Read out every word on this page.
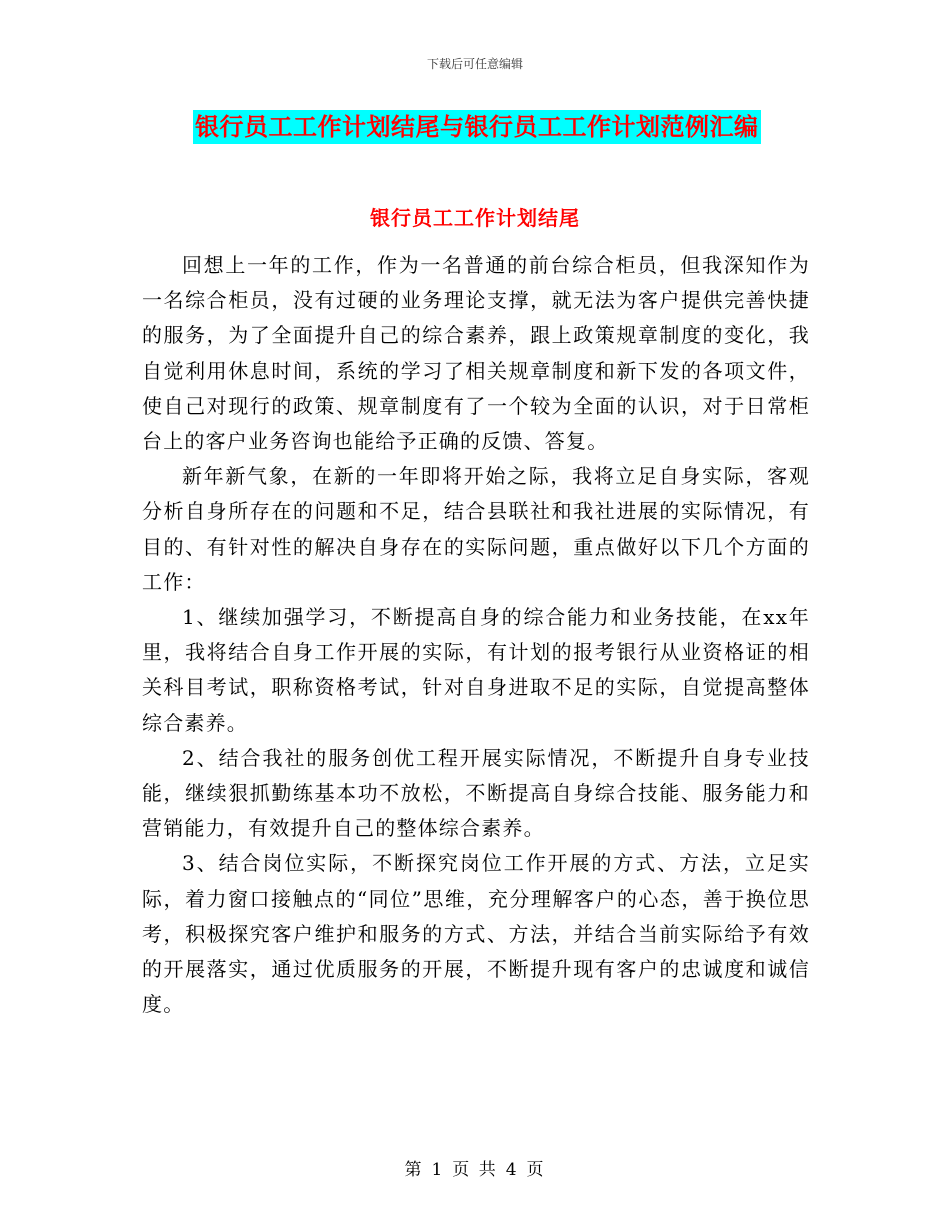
下载后可任意编辑
银行员工工作计划结尾与银行员工工作计划范例汇编
银行员工工作计划结尾

回想上一年的工作，作为一名普通的前台综合柜员，但我深知作为一名综合柜员，没有过硬的业务理论支撑，就无法为客户提供完善快捷的服务，为了全面提升自己的综合素养，跟上政策规章制度的变化，我自觉利用休息时间，系统的学习了相关规章制度和新下发的各项文件，使自己对现行的政策、规章制度有了一个较为全面的认识，对于日常柜台上的客户业务咨询也能给予正确的反馈、答复。

新年新气象，在新的一年即将开始之际，我将立足自身实际，客观分析自身所存在的问题和不足，结合县联社和我社进展的实际情况，有目的、有针对性的解决自身存在的实际问题，重点做好以下几个方面的工作：

1、继续加强学习，不断提高自身的综合能力和业务技能，在xx年里，我将结合自身工作开展的实际，有计划的报考银行从业资格证的相关科目考试，职称资格考试，针对自身进取不足的实际，自觉提高整体综合素养。

2、结合我社的服务创优工程开展实际情况，不断提升自身专业技能，继续狠抓勤练基本功不放松，不断提高自身综合技能、服务能力和营销能力，有效提升自己的整体综合素养。

3、结合岗位实际，不断探究岗位工作开展的方式、方法，立足实际，着力窗口接触点的“同位”思维，充分理解客户的心态，善于换位思考，积极探究客户维护和服务的方式、方法，并结合当前实际给予有效的开展落实，通过优质服务的开展，不断提升现有客户的忠诚度和诚信度。

第 1 页 共 4 页
